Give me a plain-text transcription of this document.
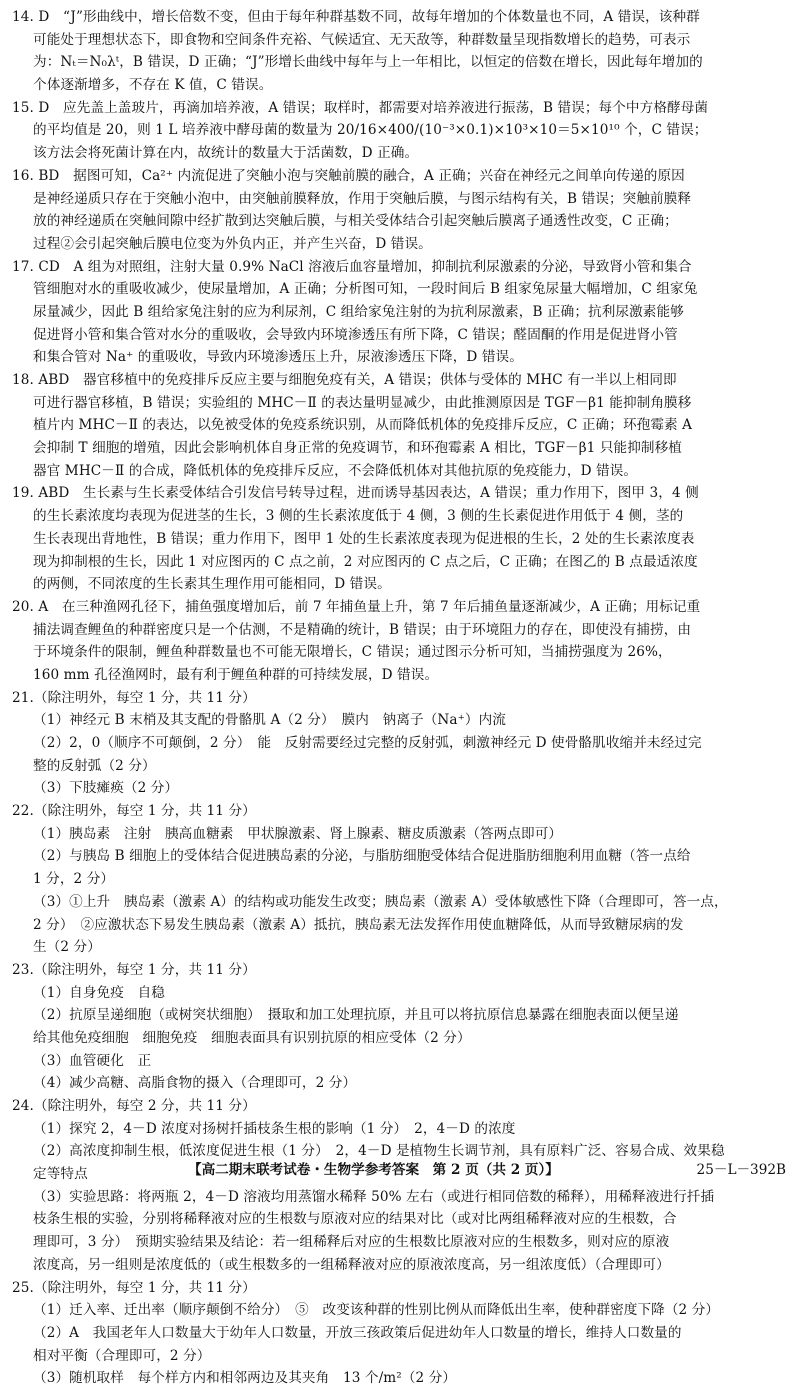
14. D　“J”形曲线中，增长倍数不变，但由于每年种群基数不同，故每年增加的个体数量也不同，A 错误，该种群
可能处于理想状态下，即食物和空间条件充裕、气候适宜、无天敌等，种群数量呈现指数增长的趋势，可表示
为：Nₜ＝N₀λᵗ，B 错误，D 正确；“J”形增长曲线中每年与上一年相比，以恒定的倍数在增长，因此每年增加的
个体逐渐增多，不存在 K 值，C 错误。
15. D　应先盖上盖玻片，再滴加培养液，A 错误；取样时，都需要对培养液进行振荡，B 错误；每个中方格酵母菌
的平均值是 20，则 1 L 培养液中酵母菌的数量为 20/16×400/(10⁻³×0.1)×10³×10＝5×10¹⁰ 个，C 错误；
该方法会将死菌计算在内，故统计的数量大于活菌数，D 正确。
16. BD　据图可知，Ca²⁺ 内流促进了突触小泡与突触前膜的融合，A 正确；兴奋在神经元之间单向传递的原因
是神经递质只存在于突触小泡中，由突触前膜释放，作用于突触后膜，与图示结构有关，B 错误；突触前膜释
放的神经递质在突触间隙中经扩散到达突触后膜，与相关受体结合引起突触后膜离子通透性改变，C 正确；
过程②会引起突触后膜电位变为外负内正，并产生兴奋，D 错误。
17. CD　A 组为对照组，注射大量 0.9% NaCl 溶液后血容量增加，抑制抗利尿激素的分泌，导致肾小管和集合
管细胞对水的重吸收减少，使尿量增加，A 正确；分析图可知，一段时间后 B 组家兔尿量大幅增加，C 组家兔
尿量减少，因此 B 组给家兔注射的应为利尿剂，C 组给家兔注射的为抗利尿激素，B 正确；抗利尿激素能够
促进肾小管和集合管对水分的重吸收，会导致内环境渗透压有所下降，C 错误；醛固酮的作用是促进肾小管
和集合管对 Na⁺ 的重吸收，导致内环境渗透压上升，尿液渗透压下降，D 错误。
18. ABD　器官移植中的免疫排斥反应主要与细胞免疫有关，A 错误；供体与受体的 MHC 有一半以上相同即
可进行器官移植，B 错误；实验组的 MHC－Ⅱ 的表达量明显减少，由此推测原因是 TGF－β1 能抑制角膜移
植片内 MHC－Ⅱ 的表达，以免被受体的免疫系统识别，从而降低机体的免疫排斥反应，C 正确；环孢霉素 A
会抑制 T 细胞的增殖，因此会影响机体自身正常的免疫调节，和环孢霉素 A 相比，TGF－β1 只能抑制移植
器官 MHC－Ⅱ 的合成，降低机体的免疫排斥反应，不会降低机体对其他抗原的免疫能力，D 错误。
19. ABD　生长素与生长素受体结合引发信号转导过程，进而诱导基因表达，A 错误；重力作用下，图甲 3，4 侧
的生长素浓度均表现为促进茎的生长，3 侧的生长素浓度低于 4 侧，3 侧的生长素促进作用低于 4 侧，茎的
生长表现出背地性，B 错误；重力作用下，图甲 1 处的生长素浓度表现为促进根的生长，2 处的生长素浓度表
现为抑制根的生长，因此 1 对应图丙的 C 点之前，2 对应图丙的 C 点之后，C 正确；在图乙的 B 点最适浓度
的两侧，不同浓度的生长素其生理作用可能相同，D 错误。
20. A　在三种渔网孔径下，捕鱼强度增加后，前 7 年捕鱼量上升，第 7 年后捕鱼量逐渐减少，A 正确；用标记重
捕法调查鲤鱼的种群密度只是一个估测，不是精确的统计，B 错误；由于环境阻力的存在，即使没有捕捞，由
于环境条件的限制，鲤鱼种群数量也不可能无限增长，C 错误；通过图示分析可知，当捕捞强度为 26%，
160 mm 孔径渔网时，最有利于鲤鱼种群的可持续发展，D 错误。
21.（除注明外，每空 1 分，共 11 分）
（1）神经元 B 末梢及其支配的骨骼肌 A（2 分）　膜内　钠离子（Na⁺）内流
（2）2，0（顺序不可颠倒，2 分）　能　反射需要经过完整的反射弧，刺激神经元 D 使骨骼肌收缩并未经过完
整的反射弧（2 分）
（3）下肢瘫痪（2 分）
22.（除注明外，每空 1 分，共 11 分）
（1）胰岛素　注射　胰高血糖素　甲状腺激素、肾上腺素、糖皮质激素（答两点即可）
（2）与胰岛 B 细胞上的受体结合促进胰岛素的分泌，与脂肪细胞受体结合促进脂肪细胞利用血糖（答一点给
1 分，2 分）
（3）①上升　胰岛素（激素 A）的结构或功能发生改变；胰岛素（激素 A）受体敏感性下降（合理即可，答一点，
2 分）　②应激状态下易发生胰岛素（激素 A）抵抗，胰岛素无法发挥作用使血糖降低，从而导致糖尿病的发
生（2 分）
23.（除注明外，每空 1 分，共 11 分）
（1）自身免疫　自稳
（2）抗原呈递细胞（或树突状细胞）　摄取和加工处理抗原，并且可以将抗原信息暴露在细胞表面以便呈递
给其他免疫细胞　细胞免疫　细胞表面具有识别抗原的相应受体（2 分）
（3）血管硬化　正
（4）减少高糖、高脂食物的摄入（合理即可，2 分）
24.（除注明外，每空 2 分，共 11 分）
（1）探究 2，4－D 浓度对扬树扦插枝条生根的影响（1 分）　2，4－D 的浓度
（2）高浓度抑制生根，低浓度促进生根（1 分）　2，4－D 是植物生长调节剂，具有原料广泛、容易合成、效果稳
定等特点
（3）实验思路：将两瓶 2，4－D 溶液均用蒸馏水稀释 50% 左右（或进行相同倍数的稀释），用稀释液进行扦插
枝条生根的实验，分别将稀释液对应的生根数与原液对应的结果对比（或对比两组稀释液对应的生根数，合
理即可，3 分）　预期实验结果及结论：若一组稀释后对应的生根数比原液对应的生根数多，则对应的原液
浓度高，另一组则是浓度低的（或生根数多的一组稀释液对应的原液浓度高，另一组浓度低）（合理即可）
25.（除注明外，每空 1 分，共 11 分）
（1）迁入率、迁出率（顺序颠倒不给分）　⑤　改变该种群的性别比例从而降低出生率，使种群密度下降（2 分）
（2）A　我国老年人口数量大于幼年人口数量，开放三孩政策后促进幼年人口数量的增长，维持人口数量的
相对平衡（合理即可，2 分）
（3）随机取样　每个样方内和相邻两边及其夹角　13 个/m²（2 分）
【高二期末联考试卷・生物学参考答案　第 2 页（共 2 页）】	25－L－392B
